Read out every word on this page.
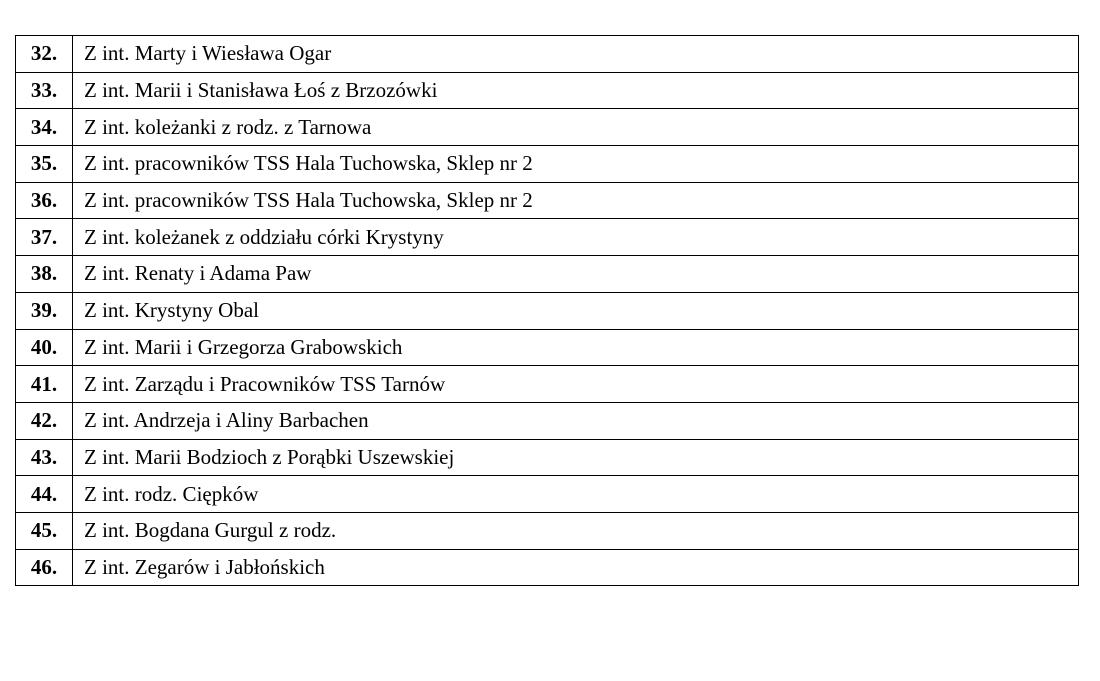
32.	Z int. Marty i Wiesława Ogar
33.	Z int. Marii i Stanisława Łoś z Brzozówki
34.	Z int. koleżanki z rodz. z Tarnowa
35.	Z int. pracowników TSS Hala Tuchowska, Sklep nr 2
36.	Z int. pracowników TSS Hala Tuchowska, Sklep nr 2
37.	Z int. koleżanek z oddziału córki Krystyny
38.	Z int. Renaty i Adama Paw
39.	Z int. Krystyny Obal
40.	Z int. Marii i Grzegorza Grabowskich
41.	Z int. Zarządu i Pracowników TSS Tarnów
42.	Z int. Andrzeja i Aliny Barbachen
43.	Z int. Marii Bodzioch z Porąbki Uszewskiej
44.	Z int. rodz. Ciępków
45.	Z int. Bogdana Gurgul z rodz.
46.	Z int. Zegarów i Jabłońskich
